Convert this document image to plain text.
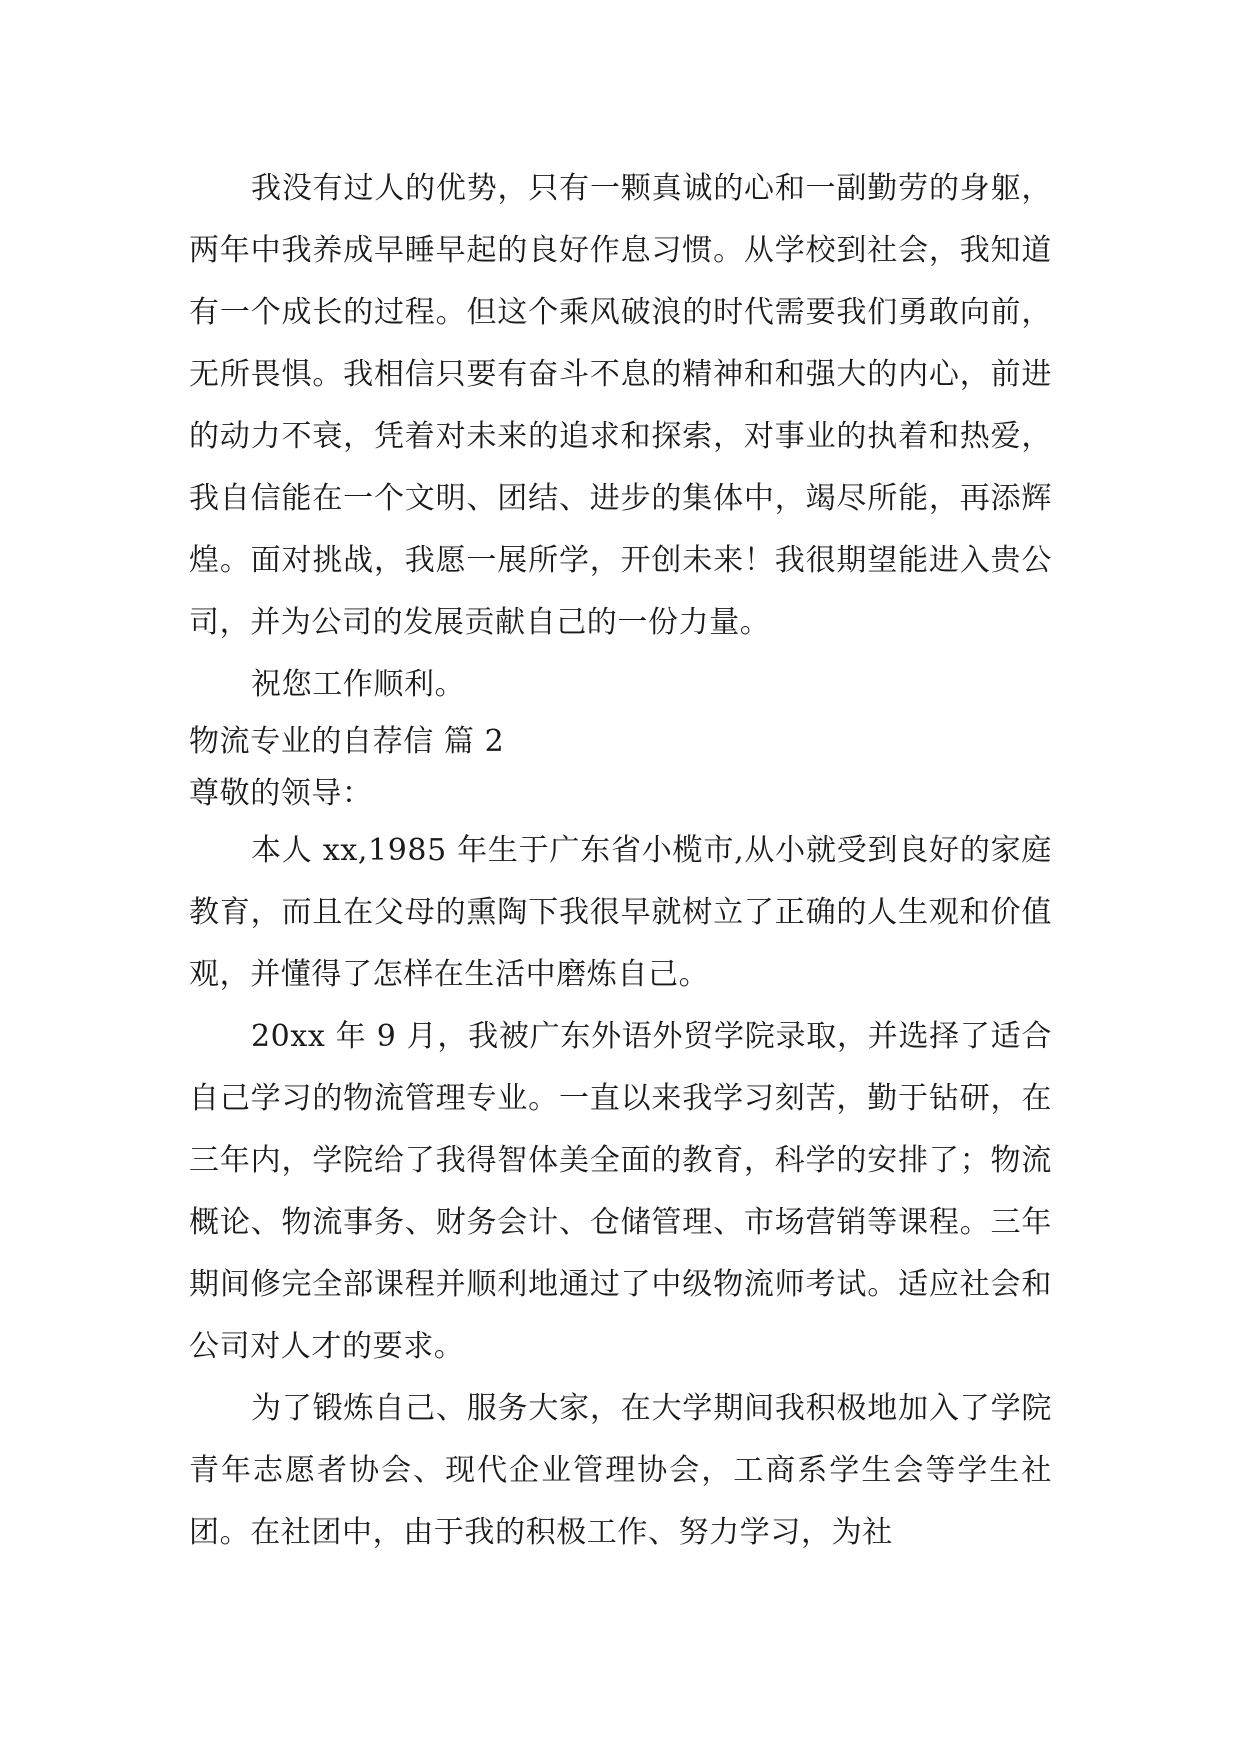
我没有过人的优势，只有一颗真诚的心和一副勤劳的身躯，两年中我养成早睡早起的良好作息习惯。从学校到社会，我知道有一个成长的过程。但这个乘风破浪的时代需要我们勇敢向前，无所畏惧。我相信只要有奋斗不息的精神和和强大的内心，前进的动力不衰，凭着对未来的追求和探索，对事业的执着和热爱，我自信能在一个文明、团结、进步的集体中，竭尽所能，再添辉煌。面对挑战，我愿一展所学，开创未来！我很期望能进入贵公司，并为公司的发展贡献自己的一份力量。

祝您工作顺利。

物流专业的自荐信 篇 2

尊敬的领导：

本人 xx,1985 年生于广东省小榄市,从小就受到良好的家庭教育，而且在父母的熏陶下我很早就树立了正确的人生观和价值观，并懂得了怎样在生活中磨炼自己。

20xx 年 9 月，我被广东外语外贸学院录取，并选择了适合自己学习的物流管理专业。一直以来我学习刻苦，勤于钻研，在三年内，学院给了我得智体美全面的教育，科学的安排了；物流概论、物流事务、财务会计、仓储管理、市场营销等课程。三年期间修完全部课程并顺利地通过了中级物流师考试。适应社会和公司对人才的要求。

为了锻炼自己、服务大家，在大学期间我积极地加入了学院青年志愿者协会、现代企业管理协会，工商系学生会等学生社团。在社团中，由于我的积极工作、努力学习，为社
